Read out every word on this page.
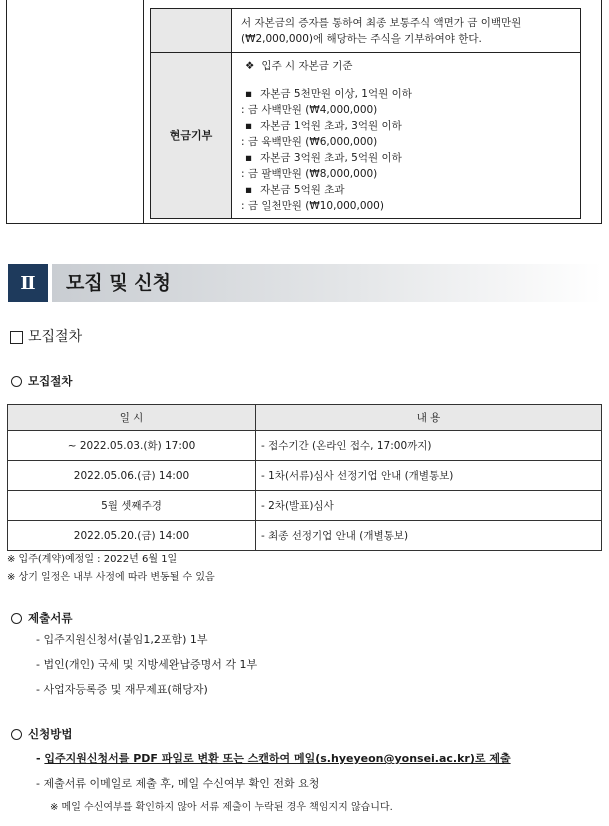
서 자본금의 증자를 통하여 최종 보통주식 액면가 금 이백만원
(₩2,000,000)에 해당하는 주식을 기부하여야 한다.
현금기부
❖ 입주 시 자본금 기준
▪ 자본금 5천만원 이상, 1억원 이하
: 금 사백만원 (₩4,000,000)
▪ 자본금 1억원 초과, 3억원 이하
: 금 육백만원 (₩6,000,000)
▪ 자본금 3억원 초과, 5억원 이하
: 금 팔백만원 (₩8,000,000)
▪ 자본금 5억원 초과
: 금 일천만원 (₩10,000,000)
Ⅱ	모집 및 신청
모집절차
모집절차
일 시	내 용
~ 2022.05.03.(화) 17:00	- 접수기간 (온라인 접수, 17:00까지)
2022.05.06.(금) 14:00	- 1차(서류)심사 선정기업 안내 (개별통보)
5월 셋째주경	- 2차(발표)심사
2022.05.20.(금) 14:00	- 최종 선정기업 안내 (개별통보)
※ 입주(계약)예정일 : 2022년 6월 1일
※ 상기 일정은 내부 사정에 따라 변동될 수 있음
제출서류
- 입주지원신청서(붙임1,2포함) 1부
- 법인(개인) 국세 및 지방세완납증명서 각 1부
- 사업자등록증 및 재무제표(해당자)
신청방법
- 입주지원신청서를 PDF 파일로 변환 또는 스캔하여 메일(s.hyeyeon@yonsei.ac.kr)로 제출
- 제출서류 이메일로 제출 후, 메일 수신여부 확인 전화 요청
※ 메일 수신여부를 확인하지 않아 서류 제출이 누락된 경우 책임지지 않습니다.
